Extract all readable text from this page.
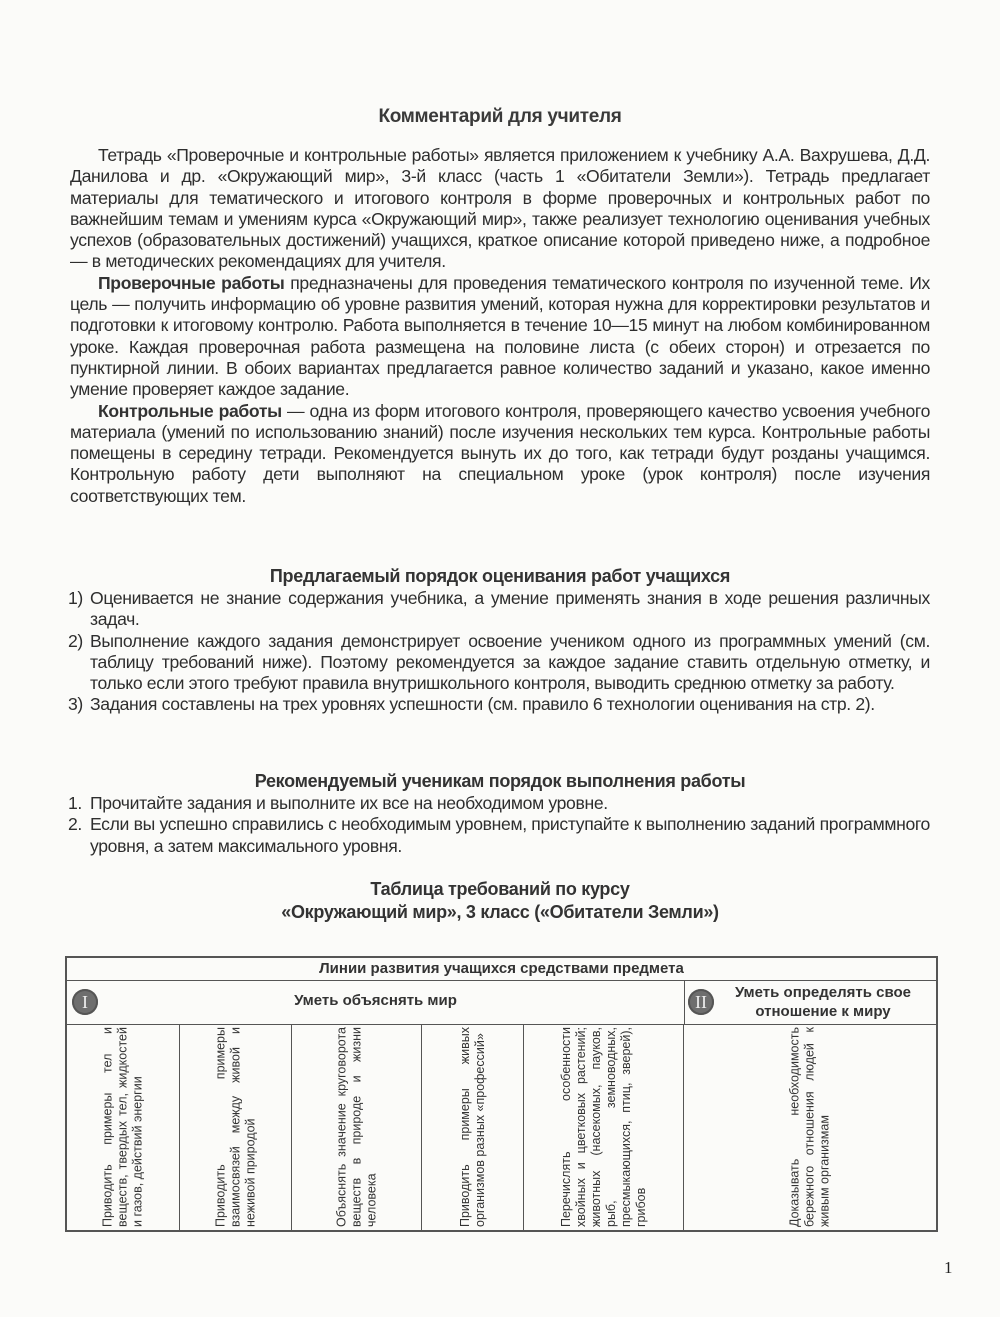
Комментарий для учителя

Тетрадь «Проверочные и контрольные работы» является приложением к учебнику А.А. Вахрушева, Д.Д. Данилова и др. «Окружающий мир», 3-й класс (часть 1 «Обитатели Земли»). Тетрадь предлагает материалы для тематического и итогового контроля в форме проверочных и контрольных работ по важнейшим темам и умениям курса «Окружающий мир», также реализует технологию оценивания учебных успехов (образовательных достижений) учащихся, краткое описание которой приведено ниже, а подробное — в методических рекомендациях для учителя.

Проверочные работы предназначены для проведения тематического контроля по изученной теме. Их цель — получить информацию об уровне развития умений, которая нужна для корректировки результатов и подготовки к итоговому контролю. Работа выполняется в течение 10—15 минут на любом комбинированном уроке. Каждая проверочная работа размещена на половине листа (с обеих сторон) и отрезается по пунктирной линии. В обоих вариантах предлагается равное количество заданий и указано, какое именно умение проверяет каждое задание.

Контрольные работы — одна из форм итогового контроля, проверяющего качество усвоения учебного материала (умений по использованию знаний) после изучения нескольких тем курса. Контрольные работы помещены в середину тетради. Рекомендуется вынуть их до того, как тетради будут розданы учащимся. Контрольную работу дети выполняют на специальном уроке (урок контроля) после изучения соответствующих тем.

Предлагаемый порядок оценивания работ учащихся
1) Оценивается не знание содержания учебника, а умение применять знания в ходе решения различных задач.
2) Выполнение каждого задания демонстрирует освоение учеником одного из программных умений (см. таблицу требований ниже). Поэтому рекомендуется за каждое задание ставить отдельную отметку, и только если этого требуют правила внутришкольного контроля, выводить среднюю отметку за работу.
3) Задания составлены на трех уровнях успешности (см. правило 6 технологии оценивания на стр. 2).
Рекомендуемый ученикам порядок выполнения работы
1. Прочитайте задания и выполните их все на необходимом уровне.
2. Если вы успешно справились с необходимым уровнем, приступайте к выполнению заданий программного уровня, а затем максимального уровня.
Таблица требований по курсу
«Окружающий мир», 3 класс («Обитатели Земли»)
Линии развития учащихся средствами предмета
I	Уметь объяснять мир	II	Уметь определять свое отношение к миру
Приводить примеры тел и веществ, твердых тел, жидкостей и газов, действий энергии	Приводить примеры взаимосвязей между живой и неживой природой	Объяснять значение круговорота веществ в природе и жизни человека	Приводить примеры живых организмов разных «профессий»	Перечислять особенности хвойных и цветковых растений; животных (насекомых, пауков, рыб, земноводных, пресмыкающихся, птиц, зверей), грибов	Доказывать необходимость бережного отношения людей к живым организмам
1
